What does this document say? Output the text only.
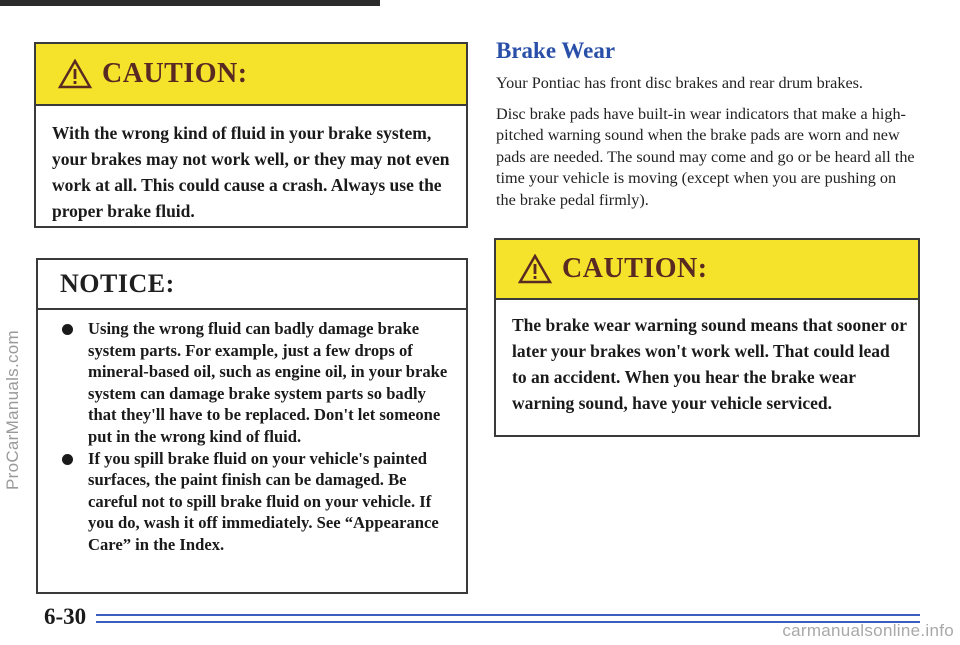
ProCarManuals.com
CAUTION:
With the wrong kind of fluid in your brake system, your brakes may not work well, or they may not even work at all. This could cause a crash. Always use the proper brake fluid.
NOTICE:
Using the wrong fluid can badly damage brake system parts. For example, just a few drops of mineral-based oil, such as engine oil, in your brake system can damage brake system parts so badly that they'll have to be replaced. Don't let someone put in the wrong kind of fluid.
If you spill brake fluid on your vehicle's painted surfaces, the paint finish can be damaged. Be careful not to spill brake fluid on your vehicle. If you do, wash it off immediately. See “Appearance Care” in the Index.
Brake Wear
Your Pontiac has front disc brakes and rear drum brakes.
Disc brake pads have built-in wear indicators that make a high-pitched warning sound when the brake pads are worn and new pads are needed. The sound may come and go or be heard all the time your vehicle is moving (except when you are pushing on the brake pedal firmly).
CAUTION:
The brake wear warning sound means that sooner or later your brakes won't work well. That could lead to an accident. When you hear the brake wear warning sound, have your vehicle serviced.
6-30
carmanualsonline.info
